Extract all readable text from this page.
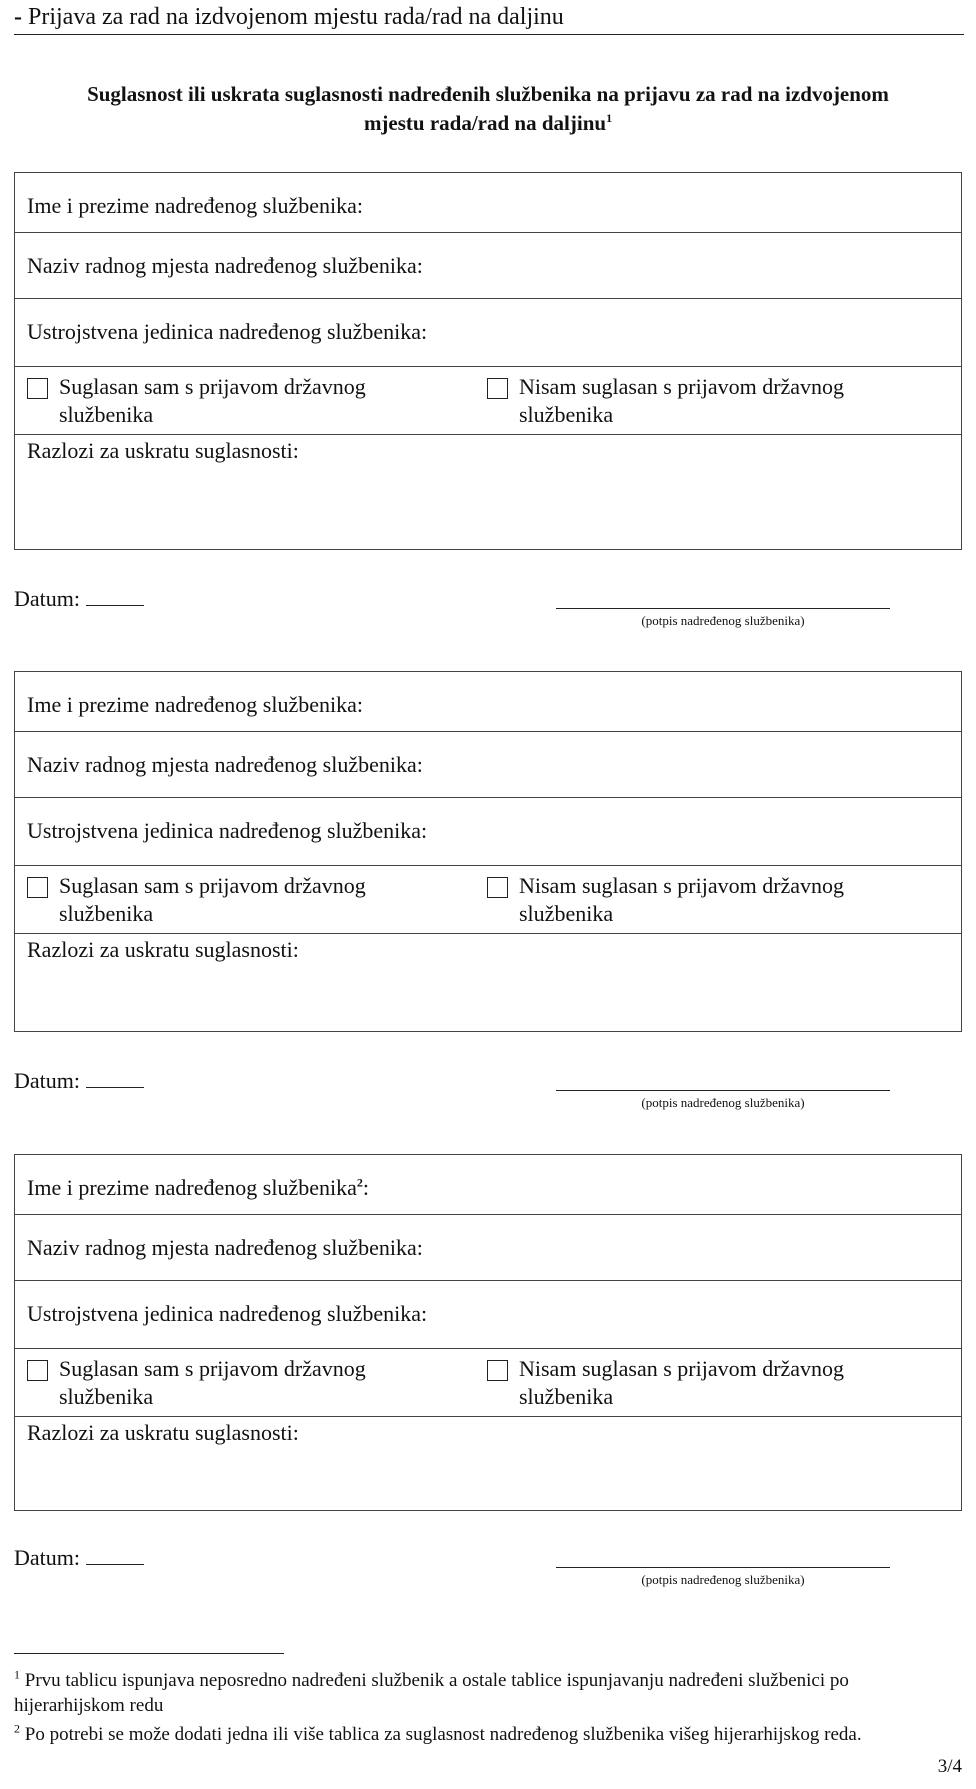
- Prijava za rad na izdvojenom mjestu rada/rad na daljinu
Suglasnost ili uskrata suglasnosti nadređenih službenika na prijavu za rad na izdvojenom
mjestu rada/rad na daljinu$^1$
Ime i prezime nadređenog službenika:
Naziv radnog mjesta nadređenog službenika:
Ustrojstvena jedinica nadređenog službenika:
Suglasan sam s prijavom državnog
službenika
Nisam suglasan s prijavom državnog
službenika
Razlozi za uskratu suglasnosti:
Datum:
(potpis nadređenog službenika)
Ime i prezime nadređenog službenika:
Naziv radnog mjesta nadređenog službenika:
Ustrojstvena jedinica nadređenog službenika:
Suglasan sam s prijavom državnog
službenika
Nisam suglasan s prijavom državnog
službenika
Razlozi za uskratu suglasnosti:
Datum:
(potpis nadređenog službenika)
Ime i prezime nadređenog službenika$^2$:
Naziv radnog mjesta nadređenog službenika:
Ustrojstvena jedinica nadređenog službenika:
Suglasan sam s prijavom državnog
službenika
Nisam suglasan s prijavom državnog
službenika
Razlozi za uskratu suglasnosti:
Datum:
(potpis nadređenog službenika)
$^1$ Prvu tablicu ispunjava neposredno nadređeni službenik a ostale tablice ispunjavanju nadređeni službenici po
hijerarhijskom redu
$^2$ Po potrebi se može dodati jedna ili više tablica za suglasnost nadređenog službenika višeg hijerarhijskog reda.
3/4
